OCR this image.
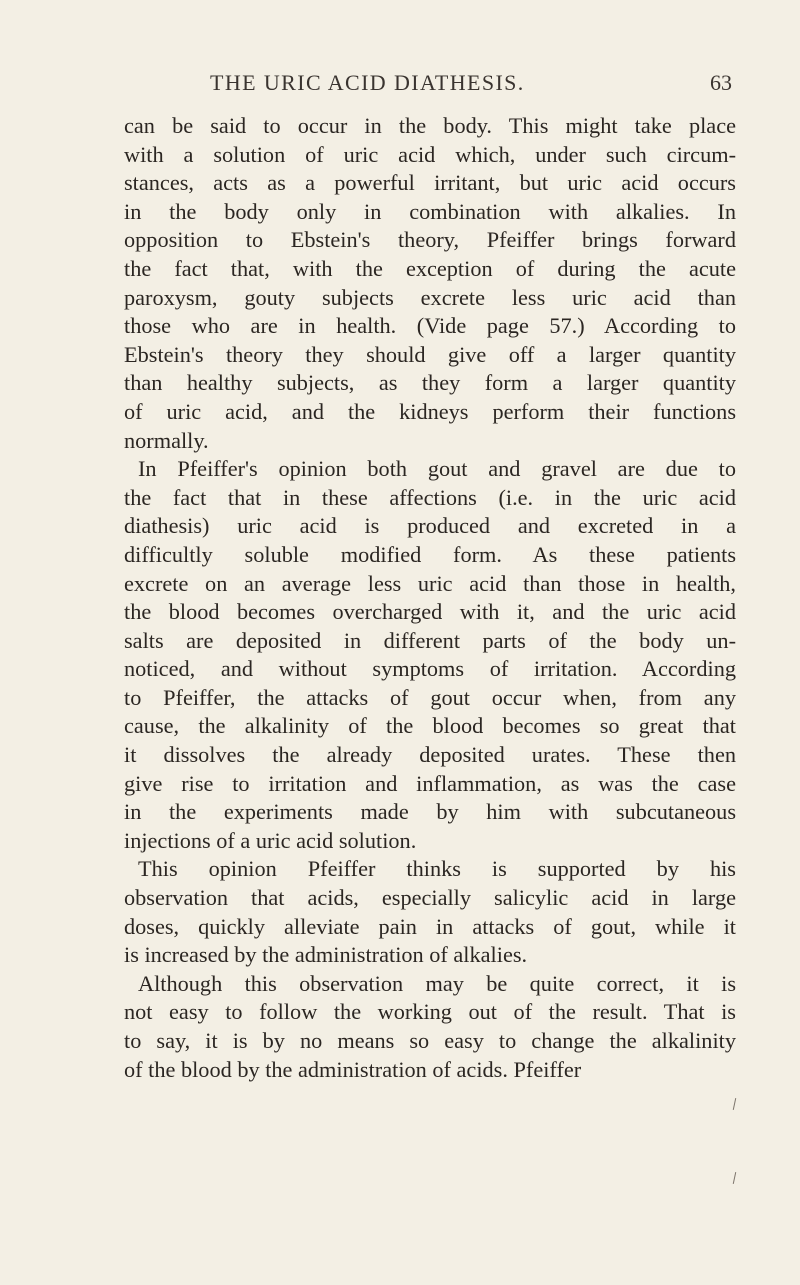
THE URIC ACID DIATHESIS.	63
can be said to occur in the body. This might take place
with a solution of uric acid which, under such circum-
stances, acts as a powerful irritant, but uric acid occurs
in the body only in combination with alkalies. In
opposition to Ebstein's theory, Pfeiffer brings forward
the fact that, with the exception of during the acute
paroxysm, gouty subjects excrete less uric acid than
those who are in health. (Vide page 57.) According to
Ebstein's theory they should give off a larger quantity
than healthy subjects, as they form a larger quantity
of uric acid, and the kidneys perform their functions
normally.
In Pfeiffer's opinion both gout and gravel are due to
the fact that in these affections (i.e. in the uric acid
diathesis) uric acid is produced and excreted in a
difficultly soluble modified form. As these patients
excrete on an average less uric acid than those in health,
the blood becomes overcharged with it, and the uric acid
salts are deposited in different parts of the body un-
noticed, and without symptoms of irritation. According
to Pfeiffer, the attacks of gout occur when, from any
cause, the alkalinity of the blood becomes so great that
it dissolves the already deposited urates. These then
give rise to irritation and inflammation, as was the case
in the experiments made by him with subcutaneous
injections of a uric acid solution.
This opinion Pfeiffer thinks is supported by his
observation that acids, especially salicylic acid in large
doses, quickly alleviate pain in attacks of gout, while it
is increased by the administration of alkalies.
Although this observation may be quite correct, it is
not easy to follow the working out of the result. That is
to say, it is by no means so easy to change the alkalinity
of the blood by the administration of acids. Pfeiffer
